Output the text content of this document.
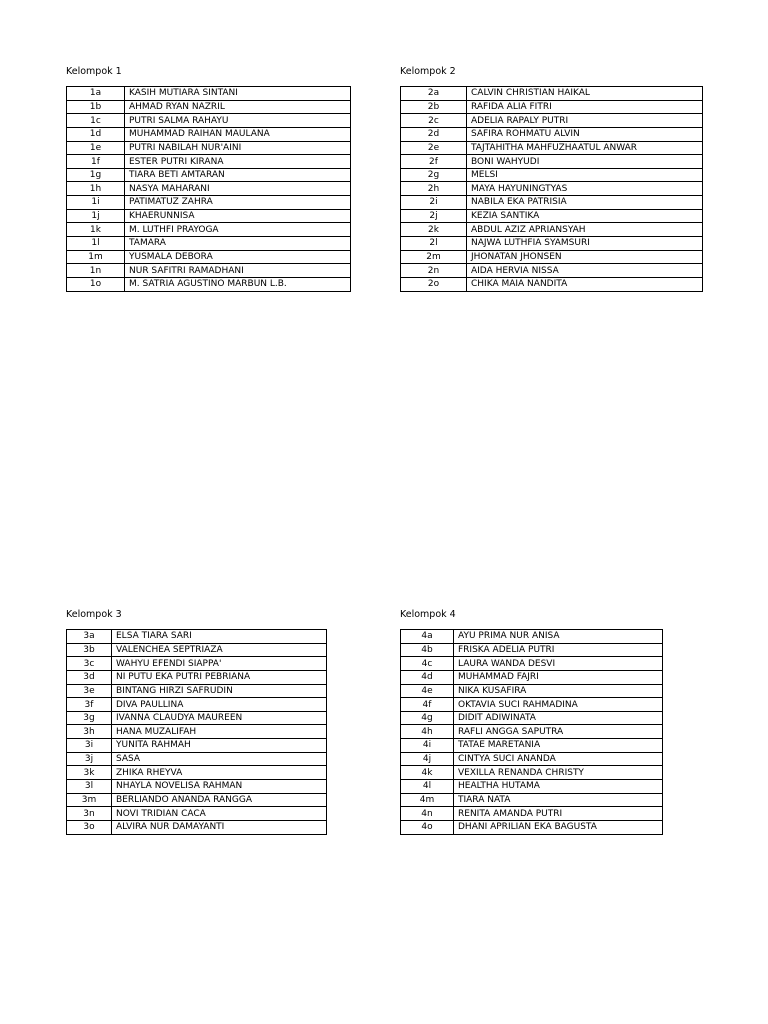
Kelompok 1
1a	KASIH MUTIARA SINTANI
1b	AHMAD RYAN NAZRIL
1c	PUTRI SALMA RAHAYU
1d	MUHAMMAD RAIHAN MAULANA
1e	PUTRI NABILAH NUR'AINI
1f	ESTER PUTRI KIRANA
1g	TIARA BETI AMTARAN
1h	NASYA MAHARANI
1i	PATIMATUZ ZAHRA
1j	KHAERUNNISA
1k	M. LUTHFI PRAYOGA
1l	TAMARA
1m	YUSMALA DEBORA
1n	NUR SAFITRI RAMADHANI
1o	M. SATRIA AGUSTINO MARBUN L.B.
Kelompok 2
2a	CALVIN CHRISTIAN HAIKAL
2b	RAFIDA ALIA FITRI
2c	ADELIA RAPALY PUTRI
2d	SAFIRA ROHMATU ALVIN
2e	TAJTAHITHA MAHFUZHAATUL ANWAR
2f	BONI WAHYUDI
2g	MELSI
2h	MAYA HAYUNINGTYAS
2i	NABILA EKA PATRISIA
2j	KEZIA SANTIKA
2k	ABDUL AZIZ APRIANSYAH
2l	NAJWA LUTHFIA SYAMSURI
2m	JHONATAN JHONSEN
2n	AIDA HERVIA NISSA
2o	CHIKA MAIA NANDITA
Kelompok 3
3a	ELSA TIARA SARI
3b	VALENCHEA SEPTRIAZA
3c	WAHYU EFENDI SIAPPA'
3d	NI PUTU EKA PUTRI PEBRIANA
3e	BINTANG HIRZI SAFRUDIN
3f	DIVA PAULLINA
3g	IVANNA CLAUDYA MAUREEN
3h	HANA MUZALIFAH
3i	YUNITA RAHMAH
3j	SASA
3k	ZHIKA RHEYVA
3l	NHAYLA NOVELISA RAHMAN
3m	BERLIANDO ANANDA RANGGA
3n	NOVI TRIDIAN CACA
3o	ALVIRA NUR DAMAYANTI
Kelompok 4
4a	AYU PRIMA NUR ANISA
4b	FRISKA ADELIA PUTRI
4c	LAURA WANDA DESVI
4d	MUHAMMAD FAJRI
4e	NIKA KUSAFIRA
4f	OKTAVIA SUCI RAHMADINA
4g	DIDIT ADIWINATA
4h	RAFLI ANGGA SAPUTRA
4i	TATAE MARETANIA
4j	CINTYA SUCI ANANDA
4k	VEXILLA RENANDA CHRISTY
4l	HEALTHA HUTAMA
4m	TIARA NATA
4n	RENITA AMANDA PUTRI
4o	DHANI APRILIAN EKA BAGUSTA
